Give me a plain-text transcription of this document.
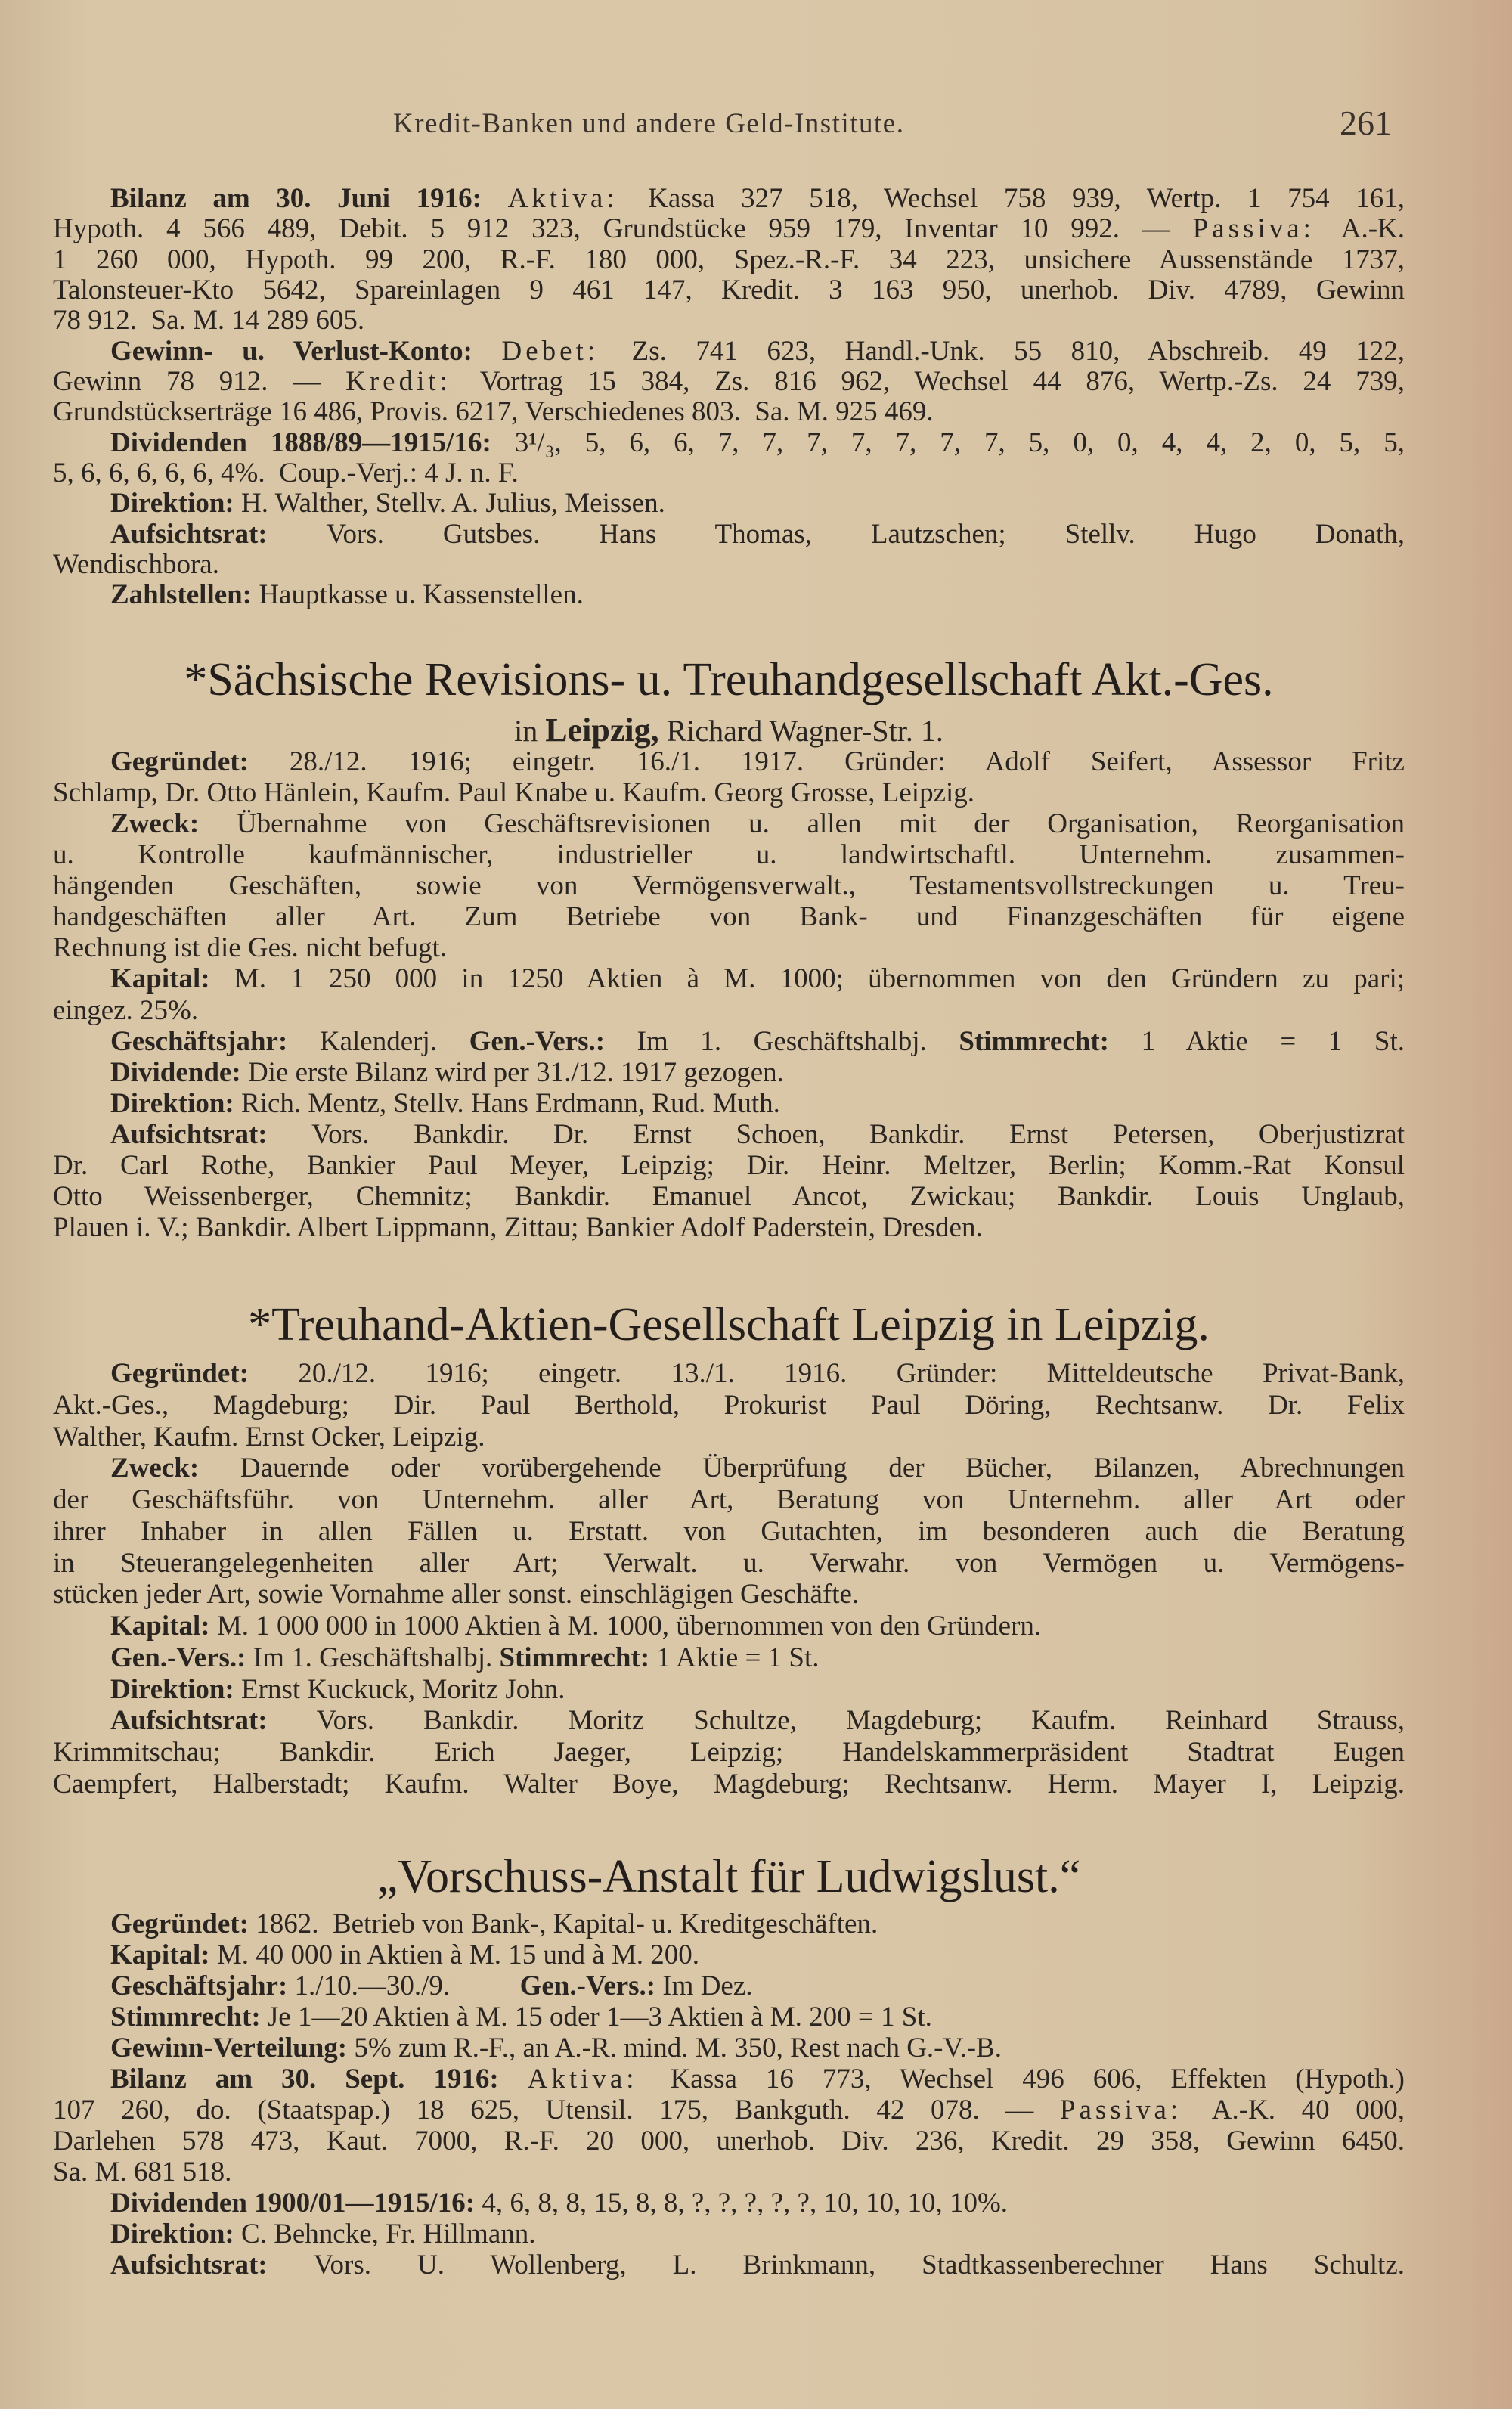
Kredit-Banken und andere Geld-Institute.	261
Bilanz am 30. Juni 1916: Aktiva: Kassa 327 518, Wechsel 758 939, Wertp. 1 754 161,
Hypoth. 4 566 489, Debit. 5 912 323, Grundstücke 959 179, Inventar 10 992. — Passiva: A.-K.
1 260 000, Hypoth. 99 200, R.-F. 180 000, Spez.-R.-F. 34 223, unsichere Aussenstände 1737,
Talonsteuer-Kto 5642, Spareinlagen 9 461 147, Kredit. 3 163 950, unerhob. Div. 4789, Gewinn
78 912.  Sa. M. 14 289 605.
Gewinn- u. Verlust-Konto: Debet: Zs. 741 623, Handl.-Unk. 55 810, Abschreib. 49 122,
Gewinn 78 912. — Kredit: Vortrag 15 384, Zs. 816 962, Wechsel 44 876, Wertp.-Zs. 24 739,
Grundstückserträge 16 486, Provis. 6217, Verschiedenes 803.  Sa. M. 925 469.
Dividenden 1888/89—1915/16: 3¹/₃, 5, 6, 6, 7, 7, 7, 7, 7, 7, 7, 5, 0, 0, 4, 4, 2, 0, 5, 5,
5, 6, 6, 6, 6, 6, 4%.  Coup.-Verj.: 4 J. n. F.
Direktion: H. Walther, Stellv. A. Julius, Meissen.
Aufsichtsrat: Vors. Gutsbes. Hans Thomas, Lautzschen; Stellv. Hugo Donath,
Wendischbora.
Zahlstellen: Hauptkasse u. Kassenstellen.
*Sächsische Revisions- u. Treuhandgesellschaft Akt.-Ges.
in Leipzig, Richard Wagner-Str. 1.
Gegründet: 28./12. 1916; eingetr. 16./1. 1917. Gründer: Adolf Seifert, Assessor Fritz
Schlamp, Dr. Otto Hänlein, Kaufm. Paul Knabe u. Kaufm. Georg Grosse, Leipzig.
Zweck: Übernahme von Geschäftsrevisionen u. allen mit der Organisation, Reorganisation
u. Kontrolle kaufmännischer, industrieller u. landwirtschaftl. Unternehm. zusammen-
hängenden Geschäften, sowie von Vermögensverwalt., Testamentsvollstreckungen u. Treu-
handgeschäften aller Art. Zum Betriebe von Bank- und Finanzgeschäften für eigene
Rechnung ist die Ges. nicht befugt.
Kapital: M. 1 250 000 in 1250 Aktien à M. 1000; übernommen von den Gründern zu pari;
eingez. 25%.
Geschäftsjahr: Kalenderj. Gen.-Vers.: Im 1. Geschäftshalbj. Stimmrecht: 1 Aktie = 1 St.
Dividende: Die erste Bilanz wird per 31./12. 1917 gezogen.
Direktion: Rich. Mentz, Stellv. Hans Erdmann, Rud. Muth.
Aufsichtsrat: Vors. Bankdir. Dr. Ernst Schoen, Bankdir. Ernst Petersen, Oberjustizrat
Dr. Carl Rothe, Bankier Paul Meyer, Leipzig; Dir. Heinr. Meltzer, Berlin; Komm.-Rat Konsul
Otto Weissenberger, Chemnitz; Bankdir. Emanuel Ancot, Zwickau; Bankdir. Louis Unglaub,
Plauen i. V.; Bankdir. Albert Lippmann, Zittau; Bankier Adolf Paderstein, Dresden.
*Treuhand-Aktien-Gesellschaft Leipzig in Leipzig.
Gegründet: 20./12. 1916; eingetr. 13./1. 1916. Gründer: Mitteldeutsche Privat-Bank,
Akt.-Ges., Magdeburg; Dir. Paul Berthold, Prokurist Paul Döring, Rechtsanw. Dr. Felix
Walther, Kaufm. Ernst Ocker, Leipzig.
Zweck: Dauernde oder vorübergehende Überprüfung der Bücher, Bilanzen, Abrechnungen
der Geschäftsführ. von Unternehm. aller Art, Beratung von Unternehm. aller Art oder
ihrer Inhaber in allen Fällen u. Erstatt. von Gutachten, im besonderen auch die Beratung
in Steuerangelegenheiten aller Art; Verwalt. u. Verwahr. von Vermögen u. Vermögens-
stücken jeder Art, sowie Vornahme aller sonst. einschlägigen Geschäfte.
Kapital: M. 1 000 000 in 1000 Aktien à M. 1000, übernommen von den Gründern.
Gen.-Vers.: Im 1. Geschäftshalbj. Stimmrecht: 1 Aktie = 1 St.
Direktion: Ernst Kuckuck, Moritz John.
Aufsichtsrat: Vors. Bankdir. Moritz Schultze, Magdeburg; Kaufm. Reinhard Strauss,
Krimmitschau; Bankdir. Erich Jaeger, Leipzig; Handelskammerpräsident Stadtrat Eugen
Caempfert, Halberstadt; Kaufm. Walter Boye, Magdeburg; Rechtsanw. Herm. Mayer I, Leipzig.
„Vorschuss-Anstalt für Ludwigslust.“
Gegründet: 1862.  Betrieb von Bank-, Kapital- u. Kreditgeschäften.
Kapital: M. 40 000 in Aktien à M. 15 und à M. 200.
Geschäftsjahr: 1./10.—30./9.          Gen.-Vers.: Im Dez.
Stimmrecht: Je 1—20 Aktien à M. 15 oder 1—3 Aktien à M. 200 = 1 St.
Gewinn-Verteilung: 5% zum R.-F., an A.-R. mind. M. 350, Rest nach G.-V.-B.
Bilanz am 30. Sept. 1916: Aktiva: Kassa 16 773, Wechsel 496 606, Effekten (Hypoth.)
107 260, do. (Staatspap.) 18 625, Utensil. 175, Bankguth. 42 078. — Passiva: A.-K. 40 000,
Darlehen 578 473, Kaut. 7000, R.-F. 20 000, unerhob. Div. 236, Kredit. 29 358, Gewinn 6450.
Sa. M. 681 518.
Dividenden 1900/01—1915/16: 4, 6, 8, 8, 15, 8, 8, ?, ?, ?, ?, ?, 10, 10, 10, 10%.
Direktion: C. Behncke, Fr. Hillmann.
Aufsichtsrat: Vors. U. Wollenberg, L. Brinkmann, Stadtkassenberechner Hans Schultz.
